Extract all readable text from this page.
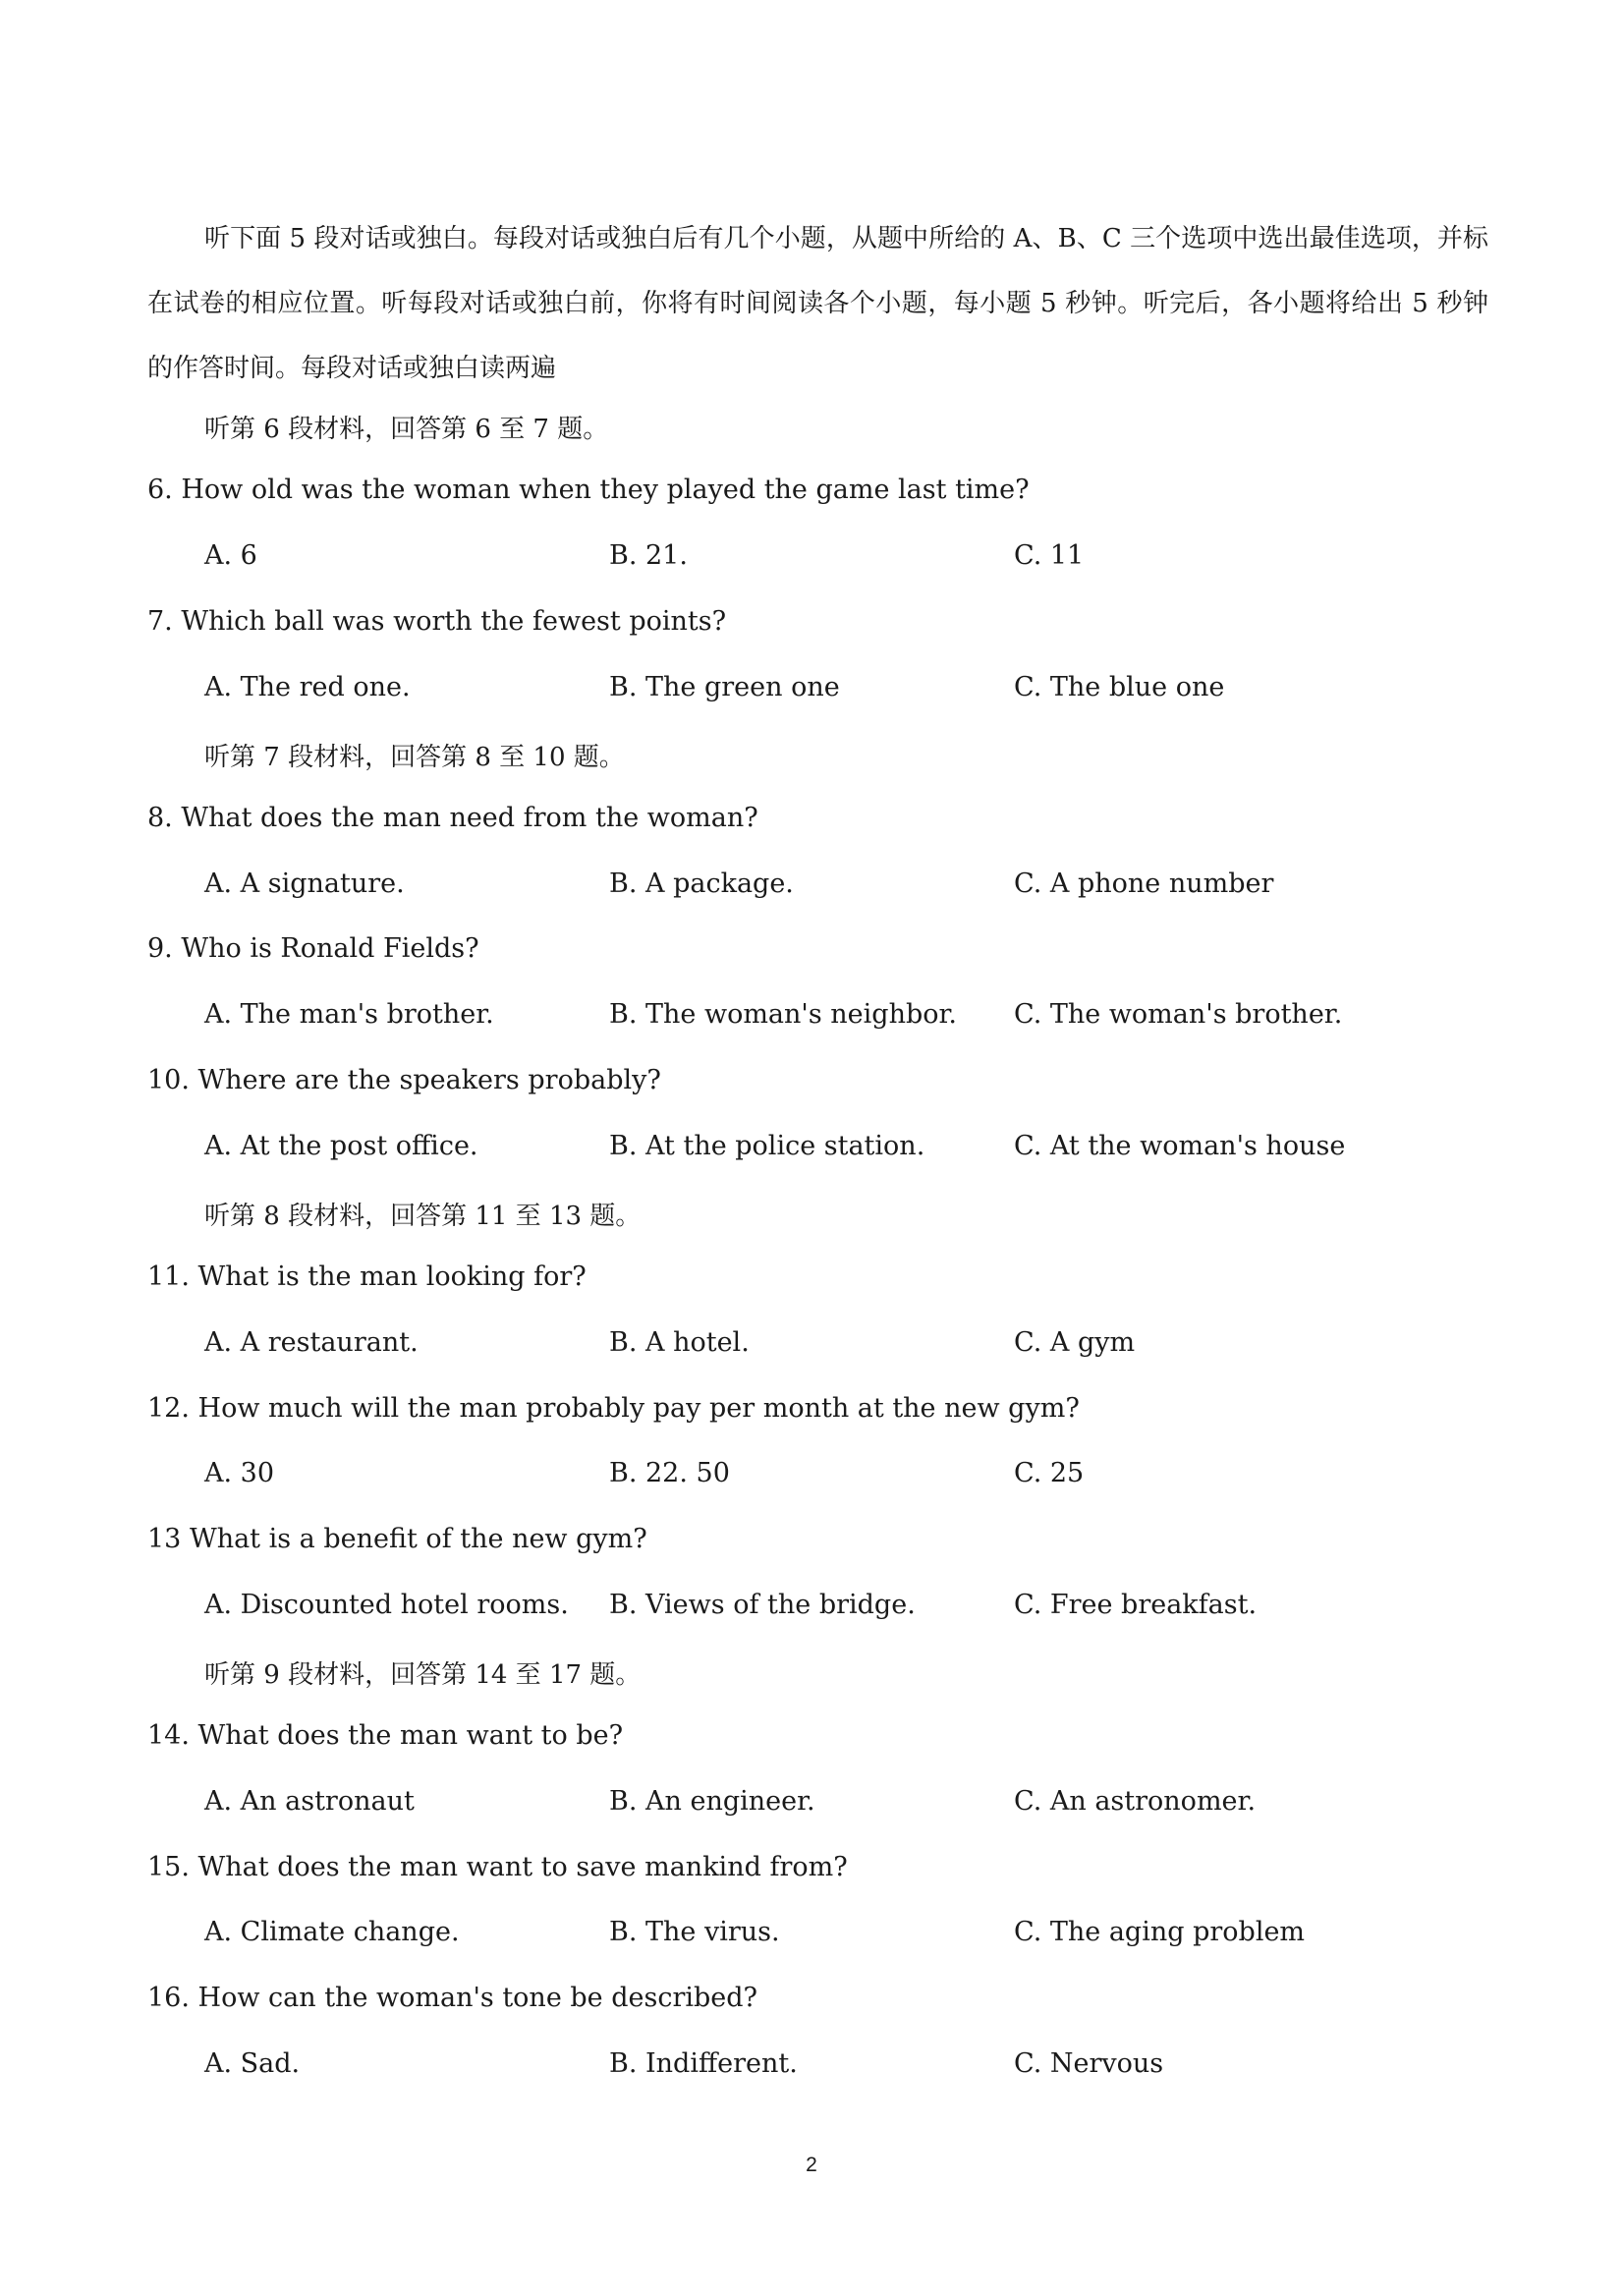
听下面 5 段对话或独白。每段对话或独白后有几个小题，从题中所给的 A、B、C 三个选项中选出最佳选项，并标在试卷的相应位置。听每段对话或独白前，你将有时间阅读各个小题，每小题 5 秒钟。听完后，各小题将给出 5 秒钟的作答时间。每段对话或独白读两遍

听第 6 段材料，回答第 6 至 7 题。

6. How old was the woman when they played the game last time?

A. 6	B. 21.	C. 11

7. Which ball was worth the fewest points?

A. The red one.	B. The green one	C. The blue one

听第 7 段材料，回答第 8 至 10 题。

8. What does the man need from the woman?

A. A signature.	B. A package.	C. A phone number

9. Who is Ronald Fields?

A. The man's brother.	B. The woman's neighbor. C. The woman's brother.

10. Where are the speakers probably?

A. At the post office.	B. At the police station.	C. At the woman's house

听第 8 段材料，回答第 11 至 13 题。

11. What is the man looking for?

A. A restaurant.	B. A hotel.	C. A gym

12. How much will the man probably pay per month at the new gym?

A. 30	B. 22. 50	C. 25

13 What is a benefit of the new gym?

A. Discounted hotel rooms. B. Views of the bridge.	C. Free breakfast.

听第 9 段材料，回答第 14 至 17 题。

14. What does the man want to be?

A. An astronaut	B. An engineer.	C. An astronomer.

15. What does the man want to save mankind from?

A. Climate change.	B. The virus.	C. The aging problem

16. How can the woman's tone be described?

A. Sad.	B. Indifferent.	C. Nervous
2
